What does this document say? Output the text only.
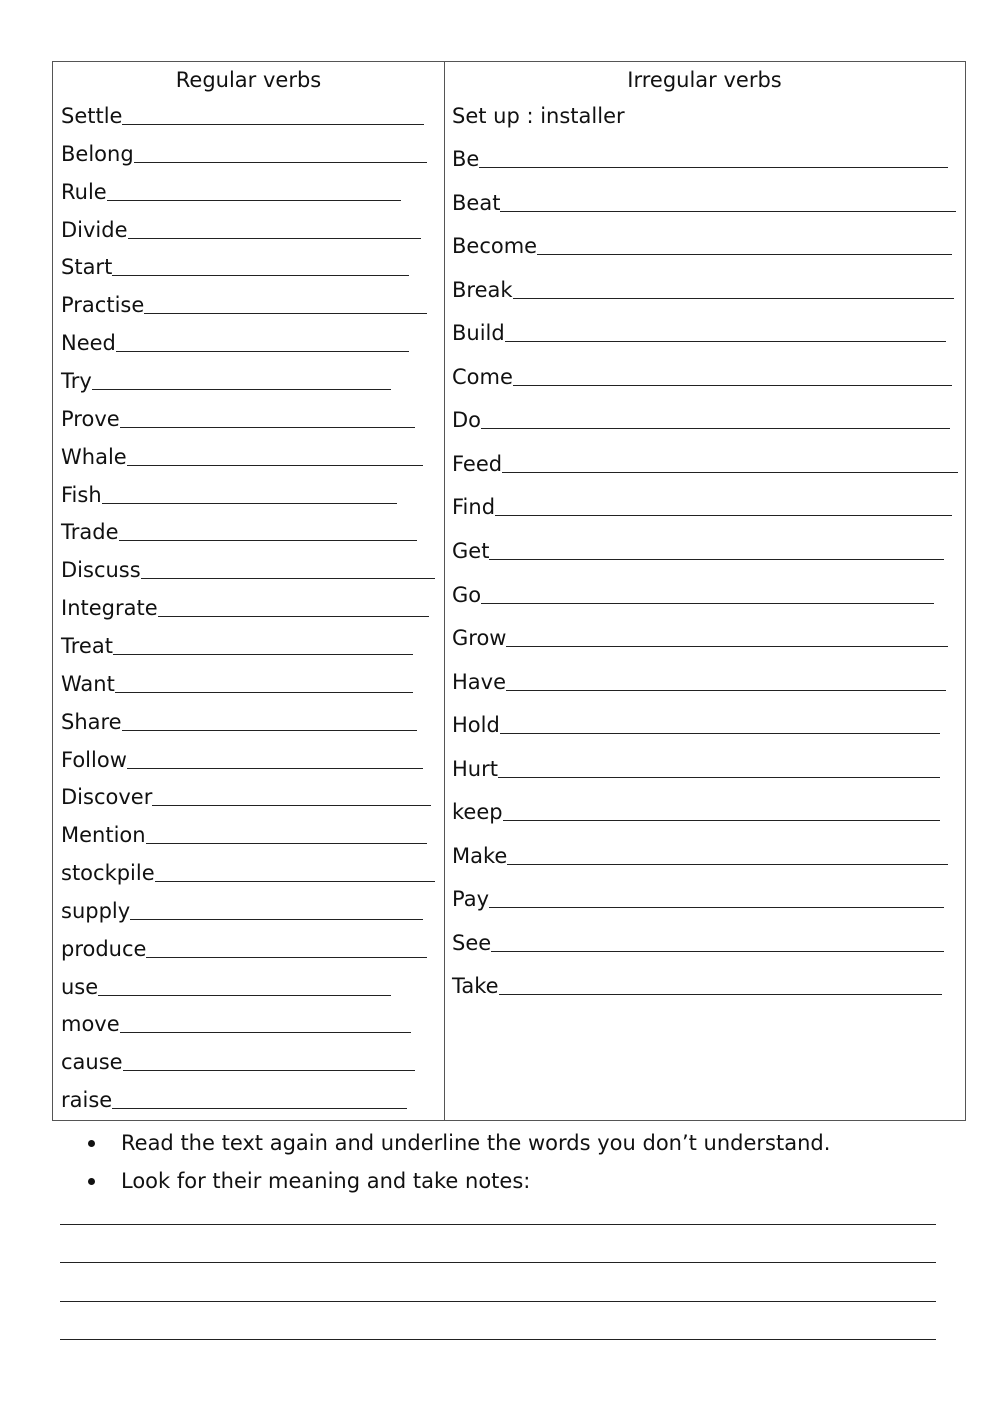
Regular verbs
Settle
Belong
Rule
Divide
Start
Practise
Need
Try
Prove
Whale
Fish
Trade
Discuss
Integrate
Treat
Want
Share
Follow
Discover
Mention
stockpile
supply
produce
use
move
cause
raise
Irregular verbs
Set up : installer
Be
Beat
Become
Break
Build
Come
Do
Feed
Find
Get
Go
Grow
Have
Hold
Hurt
keep
Make
Pay
See
Take
Read the text again and underline the words you don’t understand.
Look for their meaning and take notes:
